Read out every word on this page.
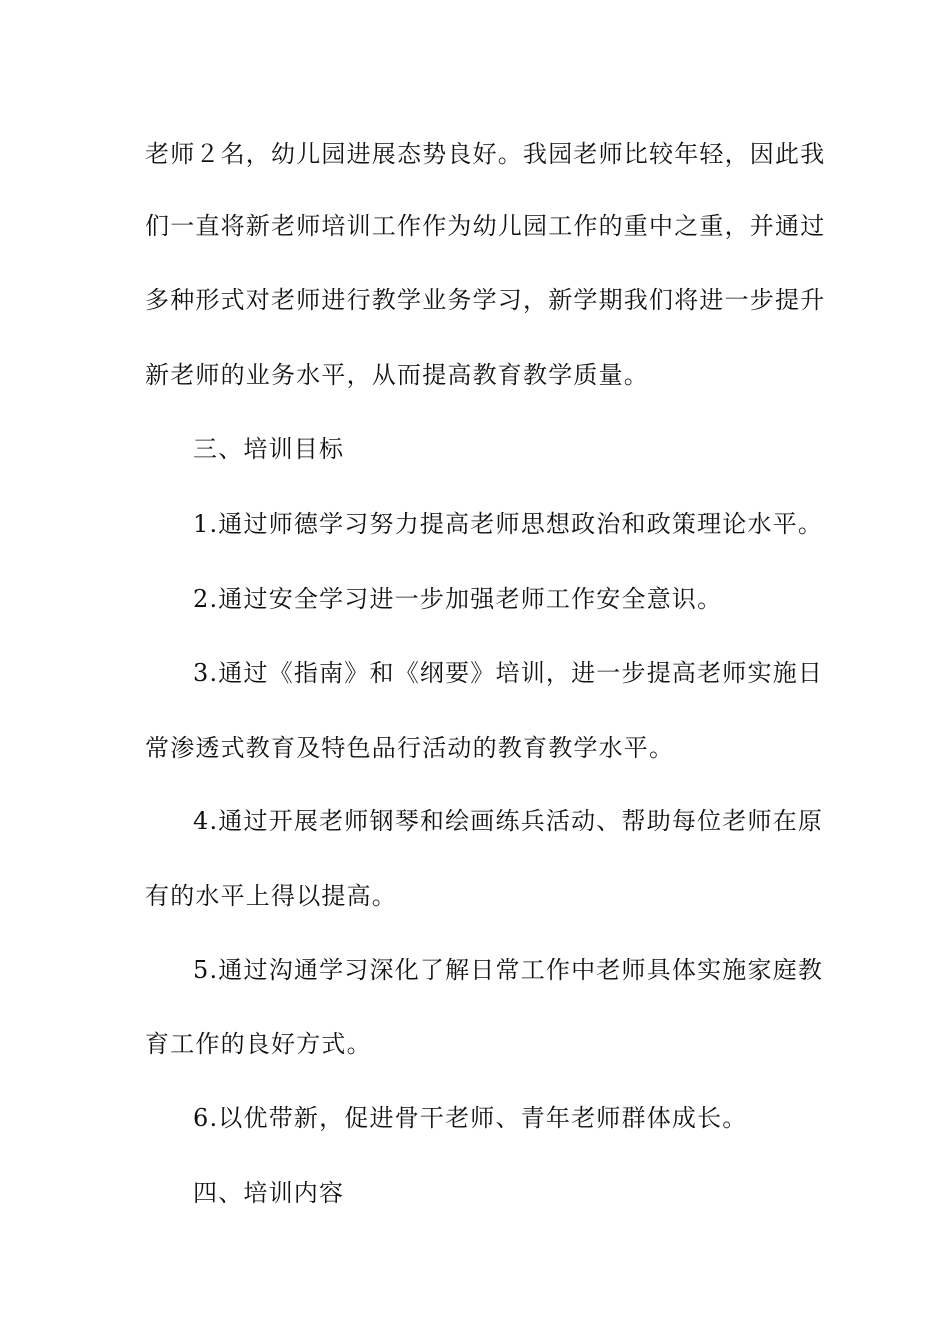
老师２名，幼儿园进展态势良好。我园老师比较年轻，因此我
们一直将新老师培训工作作为幼儿园工作的重中之重，并通过
多种形式对老师进行教学业务学习，新学期我们将进一步提升
新老师的业务水平，从而提高教育教学质量。
三、培训目标
1.通过师德学习努力提高老师思想政治和政策理论水平。
2.通过安全学习进一步加强老师工作安全意识。
3.通过《指南》和《纲要》培训，进一步提高老师实施日
常渗透式教育及特色品行活动的教育教学水平。
4.通过开展老师钢琴和绘画练兵活动、帮助每位老师在原
有的水平上得以提高。
5.通过沟通学习深化了解日常工作中老师具体实施家庭教
育工作的良好方式。
6.以优带新，促进骨干老师、青年老师群体成长。
四、培训内容
